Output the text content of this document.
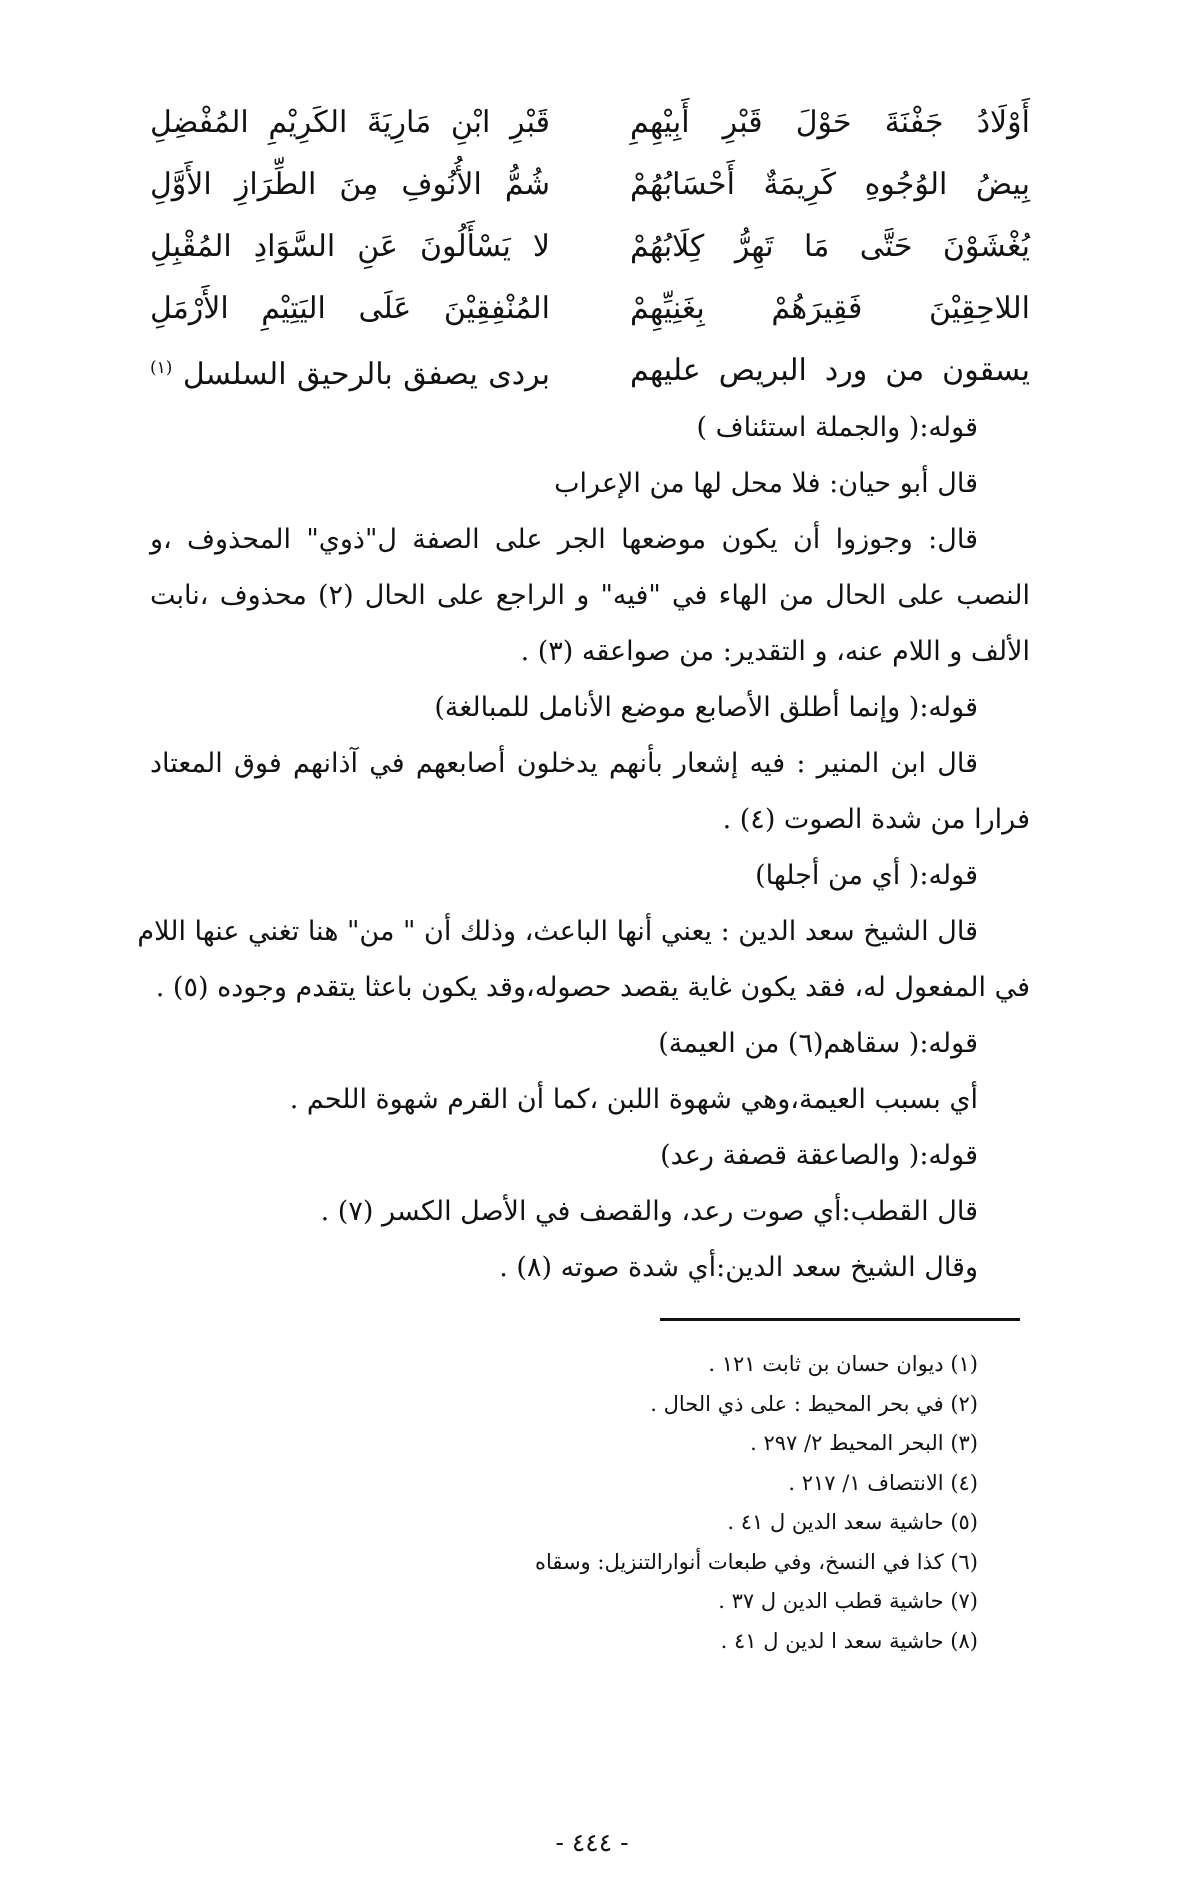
أَوْلَادُ جَفْنَةَ حَوْلَ قَبْرِ أَبِيْهِمِ
قَبْرِ ابْنِ مَارِيَةَ الكَرِيْمِ المُفْضِلِ
بِيضُ الوُجُوهِ كَرِيمَةٌ أَحْسَابُهُمْ
شُمُّ الأُنُوفِ مِنَ الطِّرَازِ الأَوَّلِ
يُغْشَوْنَ حَتَّى مَا تَهِرُّ كِلَابُهُمْ
لا يَسْأَلُونَ عَنِ السَّوَادِ المُقْبِلِ
اللاحِقِيْنَ فَقِيرَهُمْ بِغَنِيِّهِمْ
المُنْفِقِيْنَ عَلَى اليَتِيْمِ الأَرْمَلِ
يسقون من ورد البريص عليهم
بردى يصفق بالرحيق السلسل $^{(١)}$
قوله:( والجملة استئناف )
قال أبو حيان: فلا محل لها من الإعراب
قال: وجوزوا أن يكون موضعها الجر على الصفة ل"ذوي" المحذوف ،و
النصب على الحال من الهاء في "فيه" و الراجع على الحال (٢) محذوف ،نابت
الألف و اللام عنه، و التقدير: من صواعقه (٣) .
قوله:( وإنما أطلق الأصابع موضع الأنامل للمبالغة)
قال ابن المنير : فيه إشعار بأنهم يدخلون أصابعهم في آذانهم فوق المعتاد
فرارا من شدة الصوت (٤) .
قوله:( أي من أجلها)
قال الشيخ سعد الدين : يعني أنها الباعث، وذلك أن " من" هنا تغني عنها اللام
في المفعول له، فقد يكون غاية يقصد حصوله،وقد يكون باعثا يتقدم وجوده (٥) .
قوله:( سقاهم(٦) من العيمة)
أي بسبب العيمة،وهي شهوة اللبن ،كما أن القرم شهوة اللحم .
قوله:( والصاعقة قصفة رعد)
قال القطب:أي صوت رعد، والقصف في الأصل الكسر (٧) .
وقال الشيخ سعد الدين:أي شدة صوته (٨) .
(١) ديوان حسان بن ثابت ١٢١ .
(٢) في بحر المحيط : على ذي الحال .
(٣) البحر المحيط ٢/ ٢٩٧ .
(٤) الانتصاف ١/ ٢١٧ .
(٥) حاشية سعد الدين ل ٤١ .
(٦) كذا في النسخ، وفي طبعات أنوارالتنزيل: وسقاه
(٧) حاشية قطب الدين ل ٣٧ .
(٨) حاشية سعد ا لدين ل ٤١ .
- ٤٤٤ -
